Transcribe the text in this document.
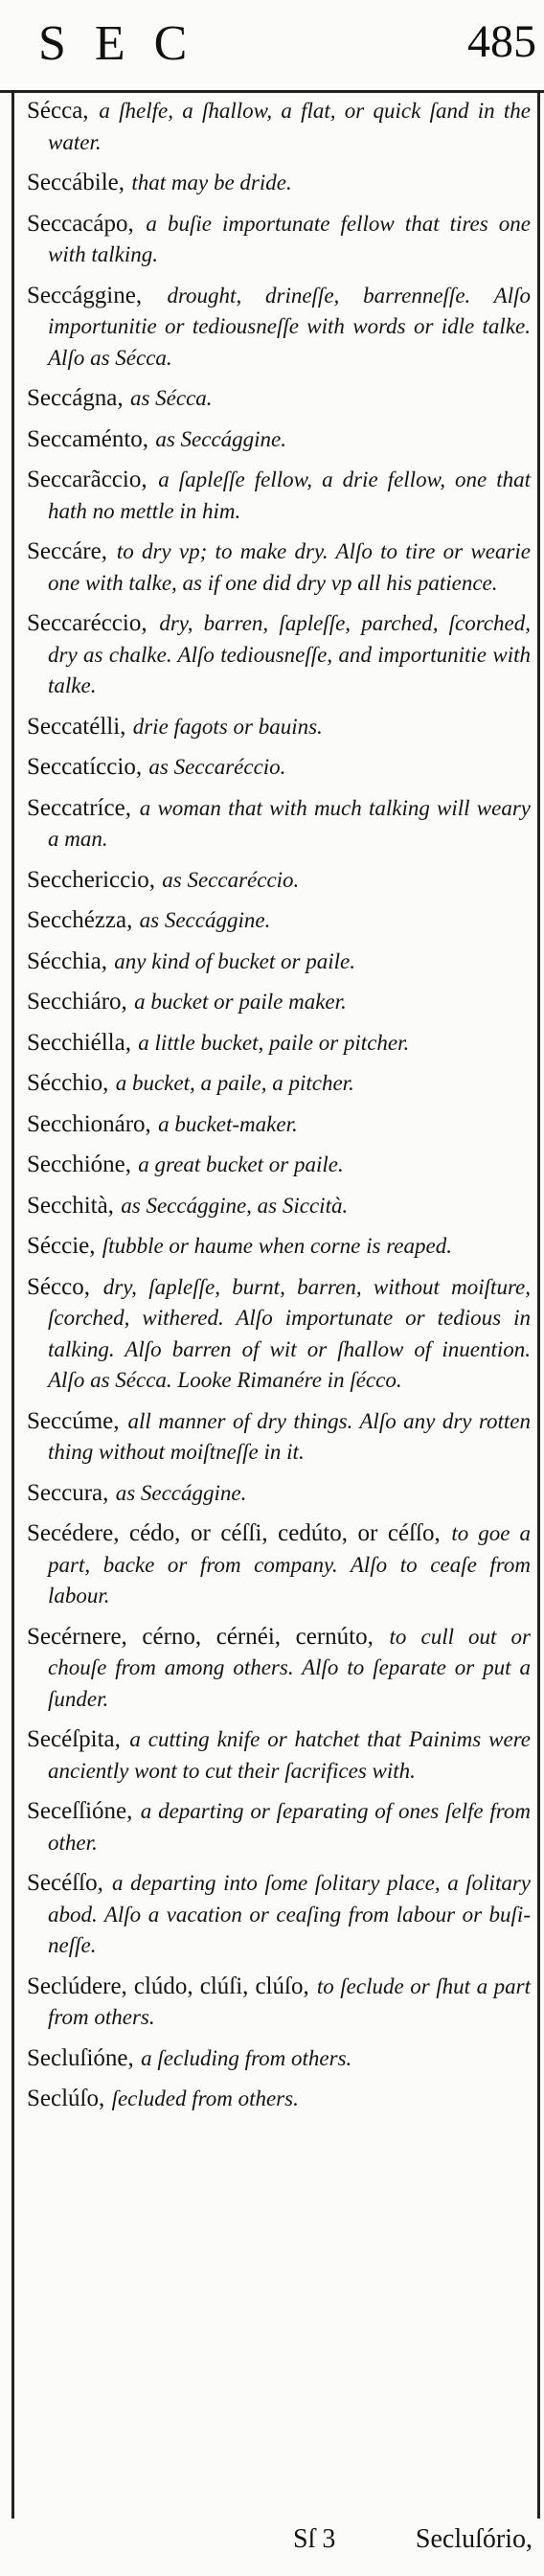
SEC	485

Sécca, a ſhelfe, a ſhallow, a flat, or quick ſand in the water.

Seccábile, that may be dride.

Seccacápo, a buſie importunate fellow that tires one with talking.

Seccággine, drought, drineſſe, barrenneſſe. Alſo importunitie or tediousneſſe with words or idle talke. Alſo as Sécca.

Seccágna, as Sécca.

Seccaménto, as Seccággine.

Seccarãccio, a ſapleſſe fellow, a drie fellow, one that hath no mettle in him.

Seccáre, to dry vp; to make dry. Alſo to tire or wearie one with talke, as if one did dry vp all his patience.

Seccaréccio, dry, barren, ſapleſſe, parched, ſcorched, dry as chalke. Alſo tediousneſſe, and importunitie with talke.

Seccatélli, drie fagots or bauins.

Seccatíccio, as Seccaréccio.

Seccatríce, a woman that with much talking will weary a man.

Secchericcio, as Seccaréccio.

Secchézza, as Seccággine.

Sécchia, any kind of bucket or paile.

Secchiáro, a bucket or paile maker.

Secchiélla, a little bucket, paile or pitcher.

Sécchio, a bucket, a paile, a pitcher.

Secchionáro, a bucket-maker.

Secchióne, a great bucket or paile.

Secchità, as Seccággine, as Siccità.

Séccie, ſtubble or haume when corne is reaped.

Sécco, dry, ſapleſſe, burnt, barren, without moiſture, ſcorched, withered. Alſo importunate or tedious in talking. Alſo barren of wit or ſhallow of inuention. Alſo as Sécca. Looke Rimanére in ſécco.

Seccúme, all manner of dry things. Alſo any dry rotten thing without moiſtneſſe in it.

Seccura, as Seccággine.

Secédere, cédo, or céſſi, cedúto, or céſſo, to goe a part, backe or from company. Alſo to ceaſe from labour.

Secérnere, cérno, cérnéi, cernúto, to cull out or chouſe from among others. Alſo to ſeparate or put a ſunder.

Secéſpita, a cutting knife or hatchet that Painims were anciently wont to cut their ſacrifices with.

Seceſſióne, a departing or ſeparating of ones ſelfe from other.

Secéſſo, a departing into ſome ſolitary place, a ſolitary abod. Alſo a vacation or ceaſing from labour or buſineſſe.

Seclúdere, clúdo, clúſi, clúſo, to ſeclude or ſhut a part from others.

Secluſióne, a ſecluding from others.

Seclúſo, ſecluded from others.

Sſ 3	Secluſório,
